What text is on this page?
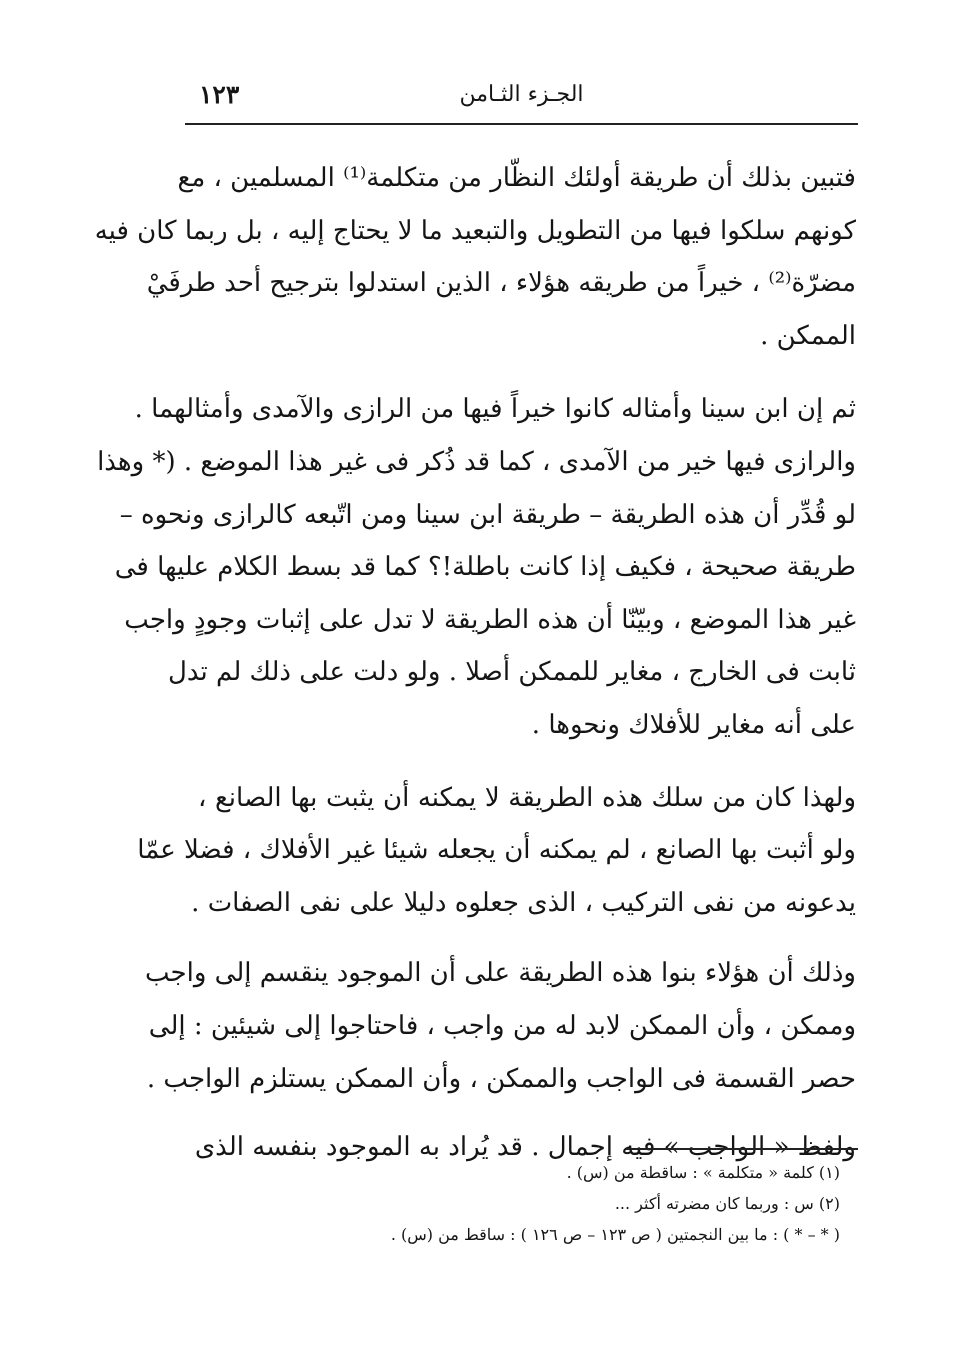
١٢٣	الجـزء الثـامن
فتبين بذلك أن طريقة أولئك النظّار من متكلمة⁽¹⁾ المسلمين ، مع
كونهم سلكوا فيها من التطويل والتبعيد ما لا يحتاج إليه ، بل ربما كان فيه
مضرّة⁽²⁾ ، خيراً من طريقه هؤلاء ، الذين استدلوا بترجيح أحد طرفَيْ
الممكن .
ثم إن ابن سينا وأمثاله كانوا خيراً فيها من الرازى والآمدى وأمثالهما .
والرازى فيها خير من الآمدى ، كما قد ذُكر فى غير هذا الموضع . (* وهذا
لو قُدِّر أن هذه الطريقة – طريقة ابن سينا ومن اتّبعه كالرازى ونحوه –
طريقة صحيحة ، فكيف إذا كانت باطلة!؟ كما قد بسط الكلام عليها فى
غير هذا الموضع ، وبيّنّا أن هذه الطريقة لا تدل على إثبات وجودٍ واجب
ثابت فى الخارج ، مغاير للممكن أصلا . ولو دلت على ذلك لم تدل
على أنه مغاير للأفلاك ونحوها .
ولهذا كان من سلك هذه الطريقة لا يمكنه أن يثبت بها الصانع ،
ولو أثبت بها الصانع ، لم يمكنه أن يجعله شيئا غير الأفلاك ، فضلا عمّا
يدعونه من نفى التركيب ، الذى جعلوه دليلا على نفى الصفات .
وذلك أن هؤلاء بنوا هذه الطريقة على أن الموجود ينقسم إلى واجب
وممكن ، وأن الممكن لابد له من واجب ، فاحتاجوا إلى شيئين : إلى
حصر القسمة فى الواجب والممكن ، وأن الممكن يستلزم الواجب .
ولفظ « الواجب » فيه إجمال . قد يُراد به الموجود بنفسه الذى
(١) كلمة « متكلمة » : ساقطة من (س) .
(٢) س : وربما كان مضرته أكثر ...
( * – * ) : ما بين النجمتين ( ص ١٢٣ – ص ١٢٦ ) : ساقط من (س) .
